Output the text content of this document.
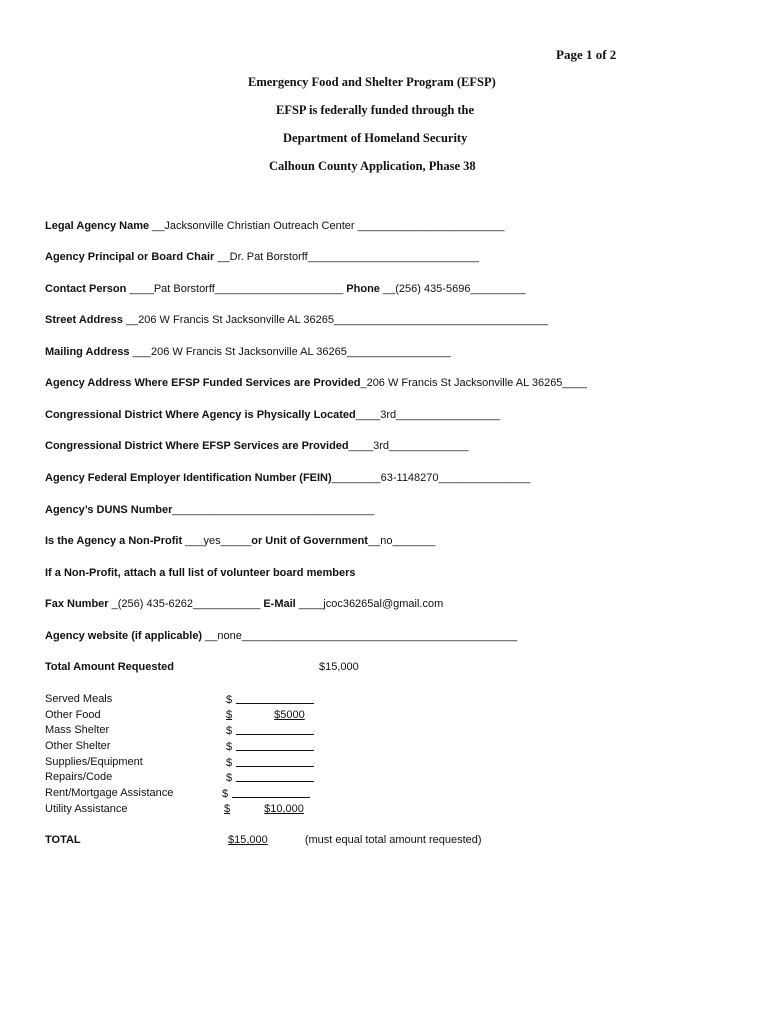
Page 1 of 2
Emergency Food and Shelter Program (EFSP)
EFSP is federally funded through the
Department of Homeland Security
Calhoun County Application, Phase 38
Legal Agency Name __Jacksonville Christian Outreach Center ________________________
Agency Principal or Board Chair __Dr. Pat Borstorff____________________________
Contact Person ____Pat Borstorff_____________________ Phone __(256) 435-5696_________
Street Address __206 W Francis St Jacksonville AL 36265___________________________________
Mailing Address ___206 W Francis St Jacksonville AL 36265_________________
Agency Address Where EFSP Funded Services are Provided_206 W Francis St Jacksonville AL 36265____
Congressional District Where Agency is Physically Located____3rd_________________
Congressional District Where EFSP Services are Provided____3rd_____________
Agency Federal Employer Identification Number (FEIN)________63-1148270_______________
Agency’s DUNS Number_________________________________
Is the Agency a Non-Profit ___yes_____or Unit of Government__no_______
If a Non-Profit, attach a full list of volunteer board members
Fax Number _(256) 435-6262___________ E-Mail ____jcoc36265al@gmail.com
Agency website (if applicable) __none_____________________________________________
Total Amount Requested	$15,000
Served Meals	$
Other Food	$	$5000
Mass Shelter	$
Other Shelter	$
Supplies/Equipment	$
Repairs/Code	$
Rent/Mortgage Assistance	$
Utility Assistance	$	$10,000
TOTAL	$15,000	(must equal total amount requested)
